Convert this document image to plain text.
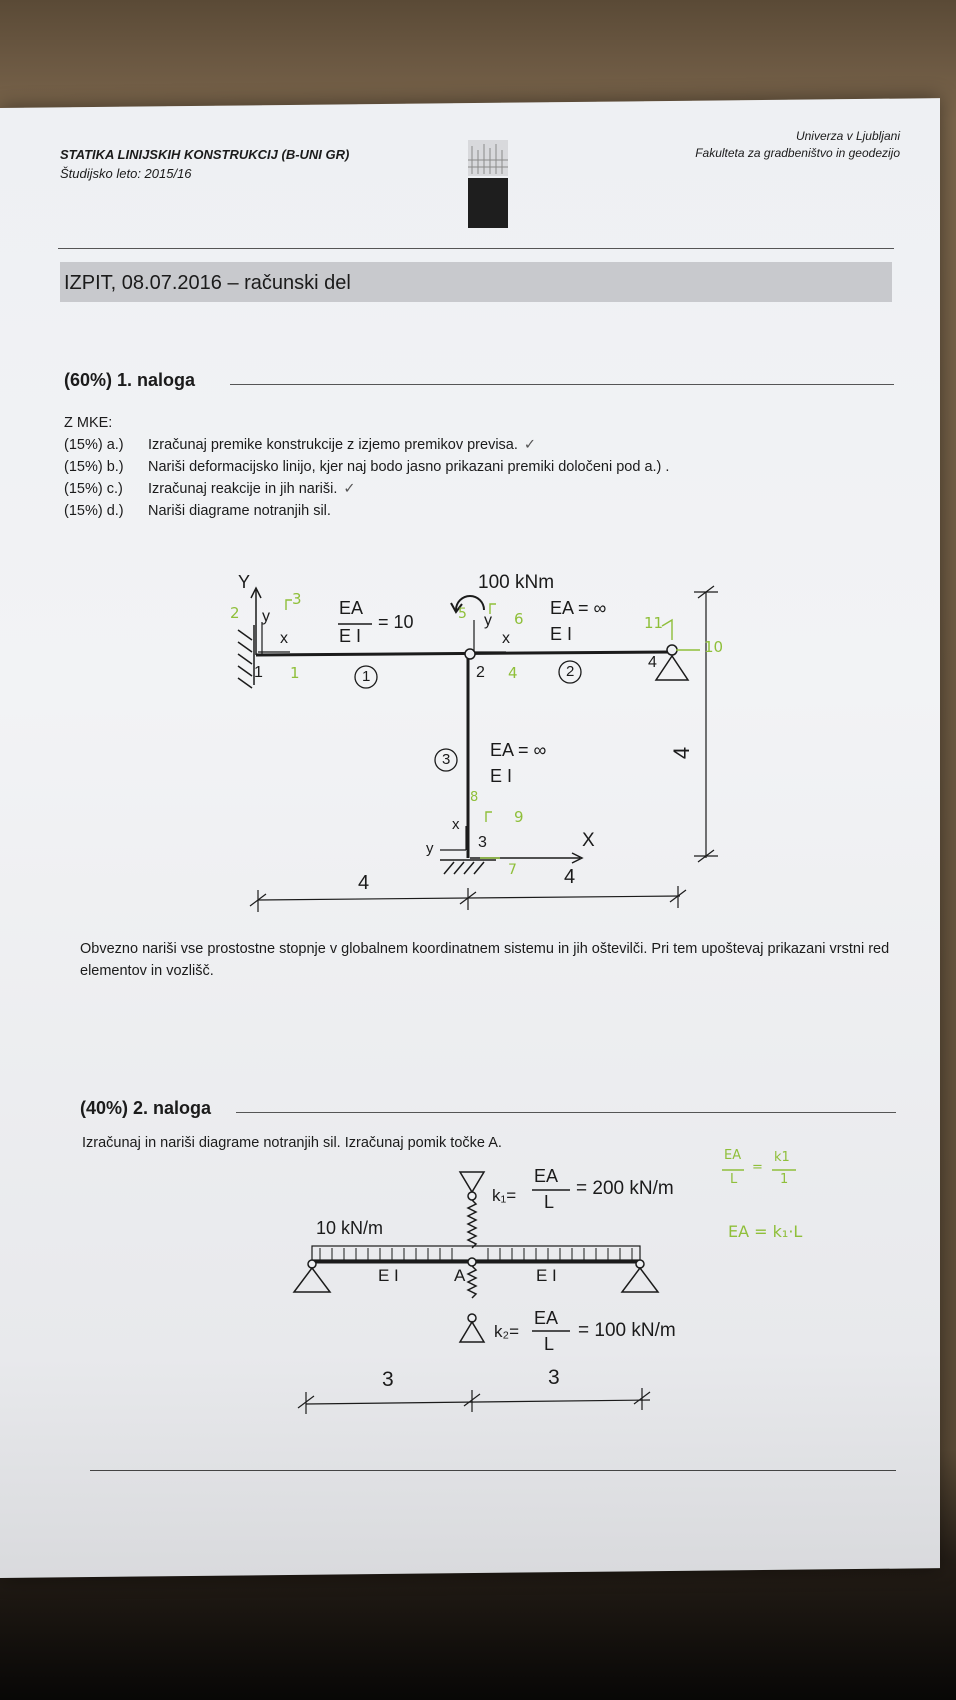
STATIKA LINIJSKIH KONSTRUKCIJ (B-UNI GR)
Študijsko leto: 2015/16
Univerza v Ljubljani
Fakulteta za gradbeništvo in geodezijo
IZPIT, 08.07.2016 – računski del
(60%) 1. naloga
Z MKE:
(15%) a.) Izračunaj premike konstrukcije z izjemo premikov previsa. ✓
(15%) b.) Nariši deformacijsko linijo, kjer naj bodo jasno prikazani premiki določeni pod a.) .
(15%) c.) Izračunaj reakcije in jih nariši. ✓
(15%) d.) Nariši diagrame notranjih sil.
Y
y
x
EA
E I
= 10
1	1
100 kNm
y
x
EA = ∞
E I
2	2
4
3 EA = ∞
E I
3
x
y	X
4	4
4
2
3
1	4
5	6
7
8
9
10
11
Obvezno nariši vse prostostne stopnje v globalnem koordinatnem sistemu in jih oštevilči. Pri tem upoštevaj prikazani vrstni red elementov in vozlišč.
(40%) 2. naloga
Izračunaj in nariši diagrame notranjih sil. Izračunaj pomik točke A.
10 kN/m
k₁=
EA
L
= 200 kN/m
E I	A	E I
k₂=
EA
L
= 100 kN/m
3	3
EA
L
=
k1
1
EA = k₁·L
